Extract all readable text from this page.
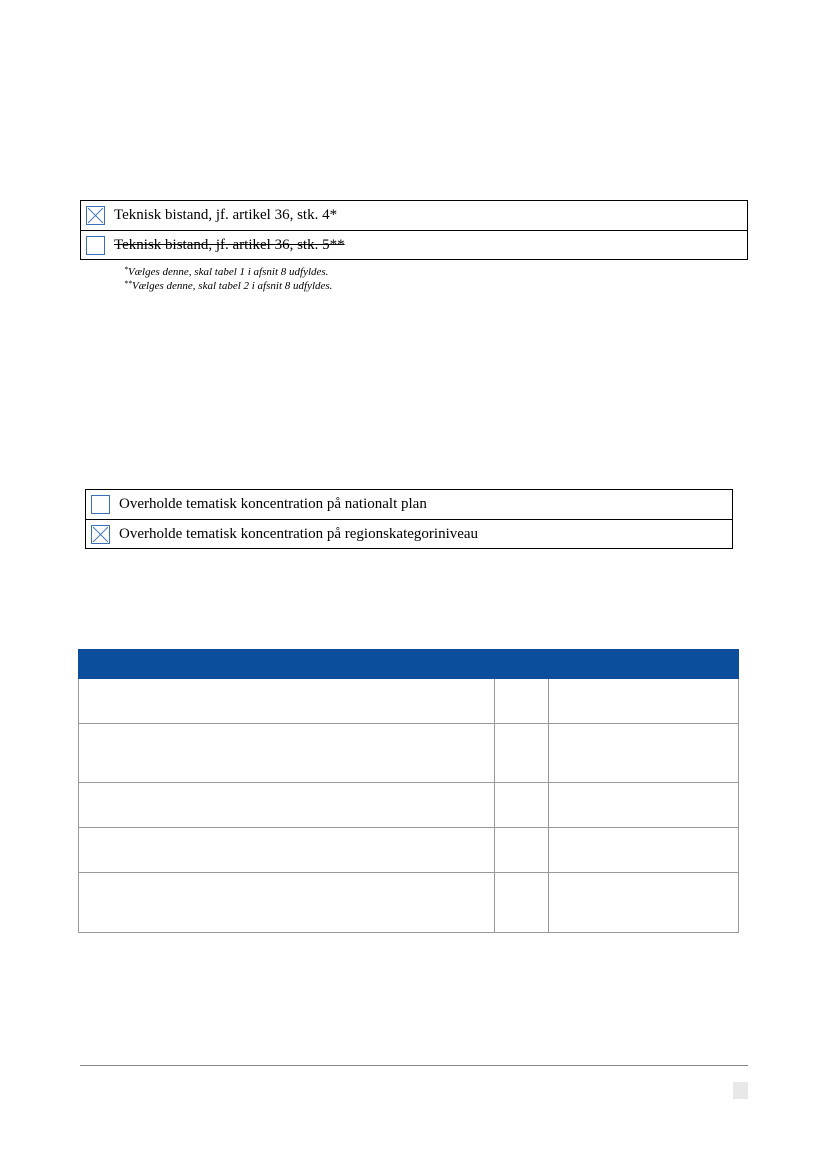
Teknisk bistand, jf. artikel 36, stk. 4*
Teknisk bistand, jf. artikel 36, stk. 5**
*Vælges denne, skal tabel 1 i afsnit 8 udfyldes.
**Vælges denne, skal tabel 2 i afsnit 8 udfyldes.
Overholde tematisk koncentration på nationalt plan
Overholde tematisk koncentration på regionskategoriniveau
